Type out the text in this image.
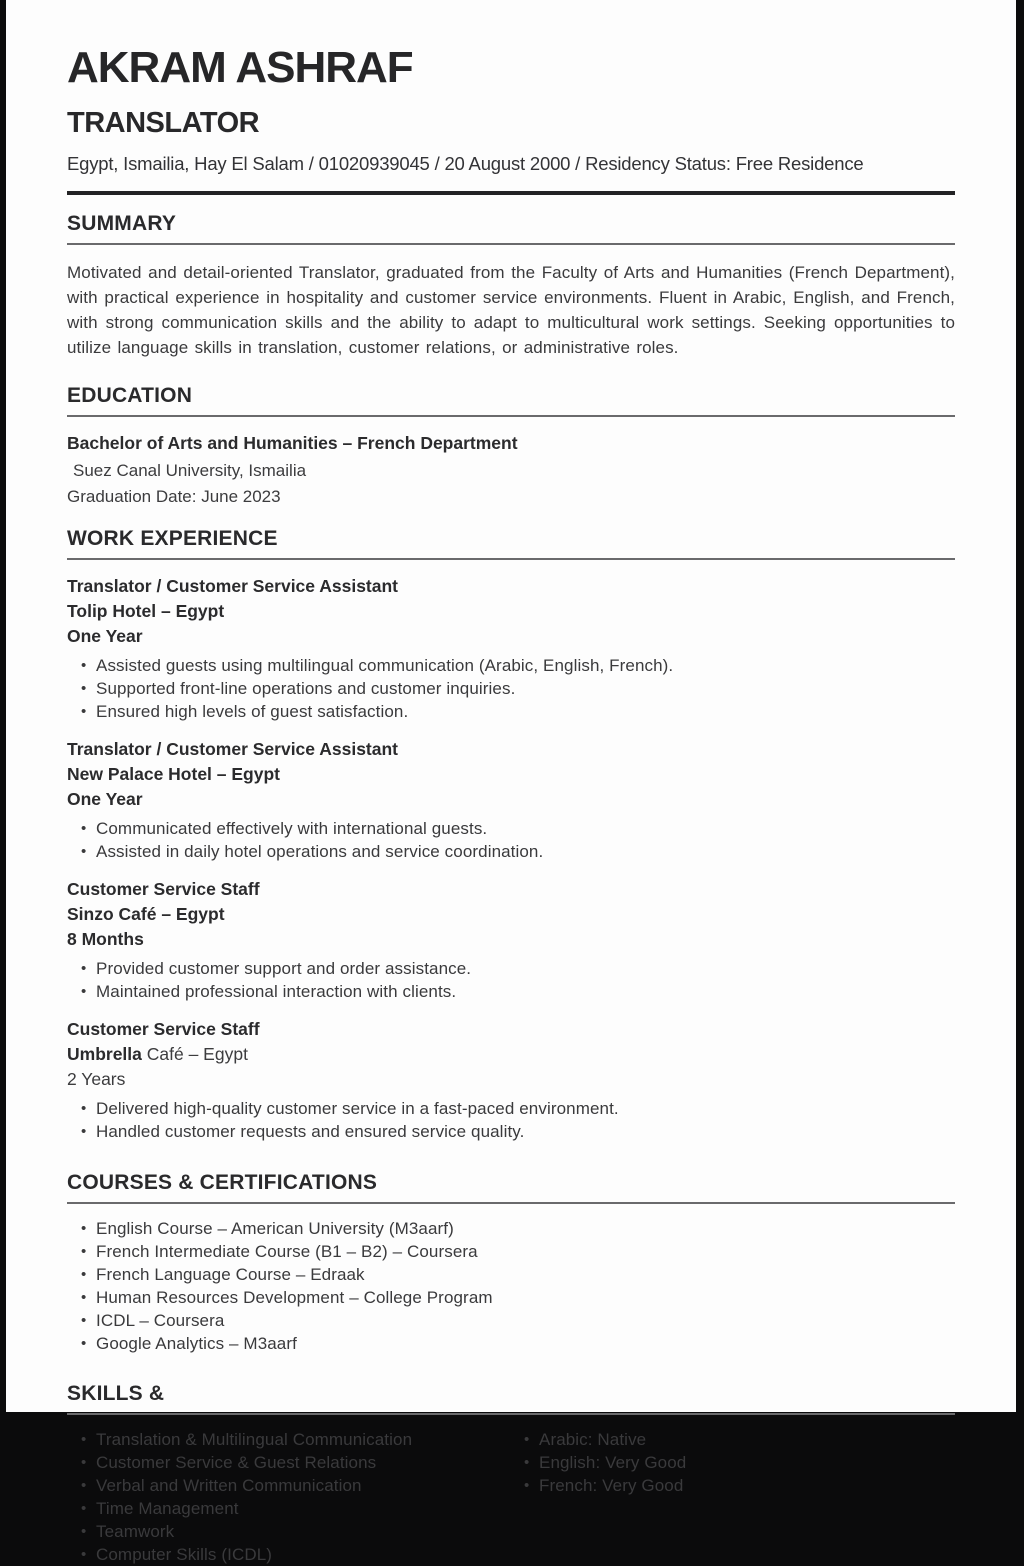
AKRAM ASHRAF
TRANSLATOR
Egypt, Ismailia, Hay El Salam / 01020939045 / 20 August 2000 / Residency Status: Free Residence
SUMMARY

Motivated and detail-oriented Translator, graduated from the Faculty of Arts and Humanities (French Department), with practical experience in hospitality and customer service environments. Fluent in Arabic, English, and French, with strong communication skills and the ability to adapt to multicultural work settings. Seeking opportunities to utilize language skills in translation, customer relations, or administrative roles.

EDUCATION
Bachelor of Arts and Humanities – French Department
Suez Canal University, Ismailia
Graduation Date: June 2023
WORK EXPERIENCE
Translator / Customer Service Assistant
Tolip Hotel – Egypt
One Year
• Assisted guests using multilingual communication (Arabic, English, French).
• Supported front-line operations and customer inquiries.
• Ensured high levels of guest satisfaction.
Translator / Customer Service Assistant
New Palace Hotel – Egypt
One Year
• Communicated effectively with international guests.
• Assisted in daily hotel operations and service coordination.
Customer Service Staff
Sinzo Café – Egypt
8 Months
• Provided customer support and order assistance.
• Maintained professional interaction with clients.
Customer Service Staff
Umbrella Café – Egypt
2 Years
• Delivered high-quality customer service in a fast-paced environment.
• Handled customer requests and ensured service quality.
COURSES & CERTIFICATIONS
• English Course – American University (M3aarf)
• French Intermediate Course (B1 – B2) – Coursera
• French Language Course – Edraak
• Human Resources Development – College Program
• ICDL – Coursera
• Google Analytics – M3aarf
SKILLS &
• Translation & Multilingual Communication
• Customer Service & Guest Relations
• Verbal and Written Communication
• Time Management
• Teamwork
• Computer Skills (ICDL)
• Arabic: Native
• English: Very Good
• French: Very Good
